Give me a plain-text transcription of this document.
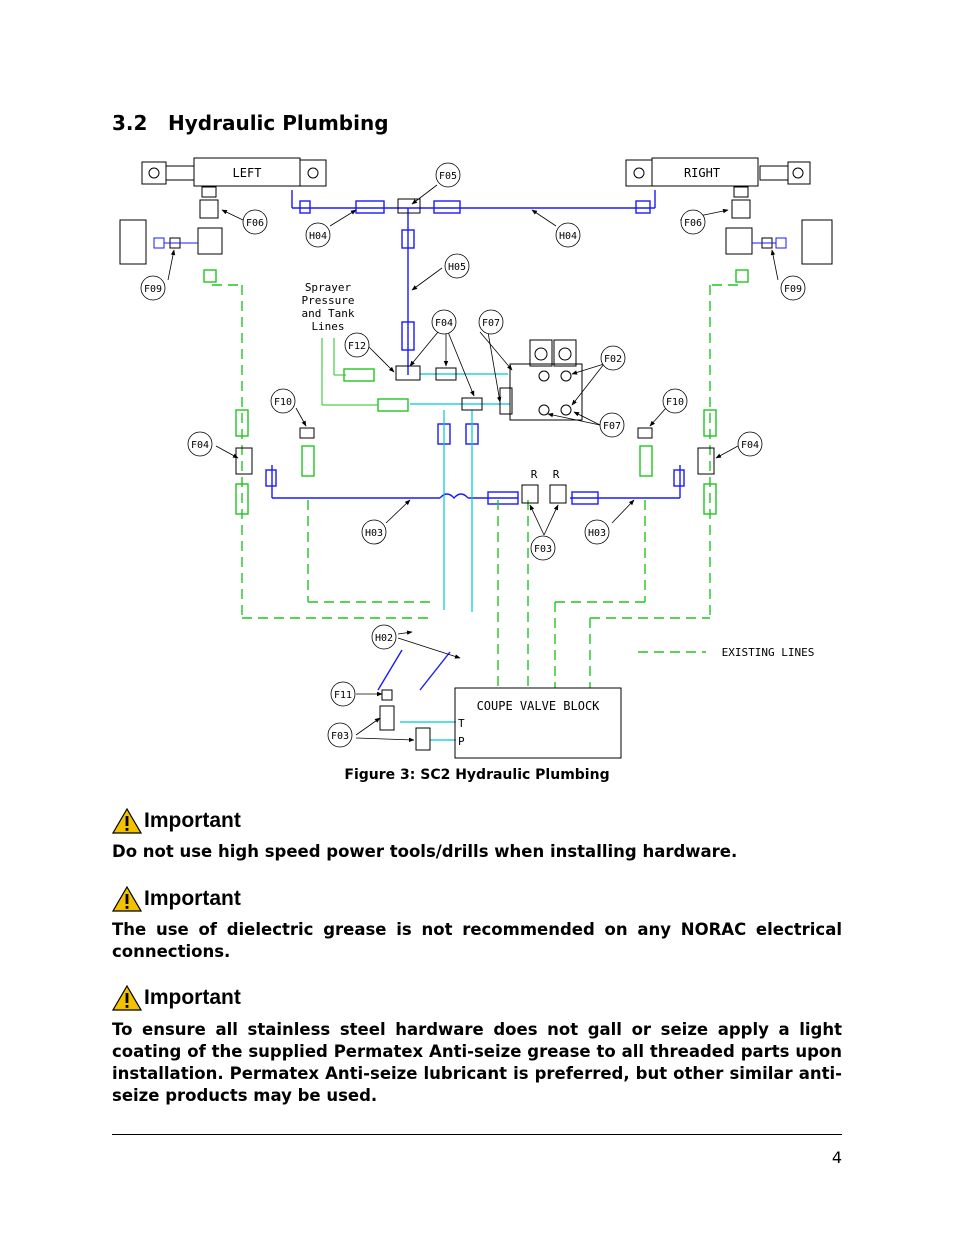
3.2 Hydraulic Plumbing
LEFT	RIGHT
COUPE VALVE BLOCK
T
P
R R
Sprayer
Pressure
and Tank
Lines
EXISTING LINES
F05
F06	F06
H04	H04
H05
F09	F09
F04	F07
F12
F02
F07
F10	F10
F04	F04
H03	H03
F03
H02
F11
F03
Figure 3: SC2 Hydraulic Plumbing
Important
Do not use high speed power tools/drills when installing hardware.
Important
The use of dielectric grease is not recommended on any NORAC electrical connections.
Important
To ensure all stainless steel hardware does not gall or seize apply a light coating of the supplied Permatex Anti-seize grease to all threaded parts upon installation. Permatex Anti-seize lubricant is preferred, but other similar anti-seize products may be used.
4
